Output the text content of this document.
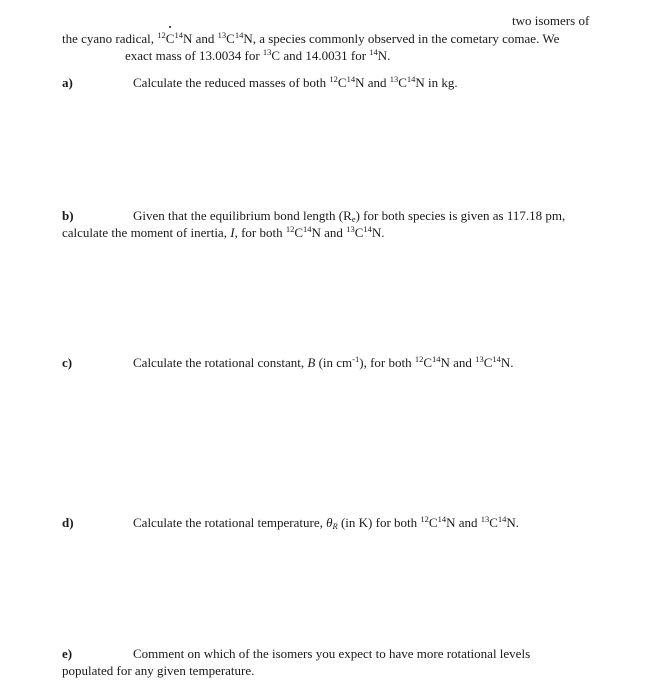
two isomers of
the cyano radical, $^{12}C^{14}N$ and $^{13}C^{14}N$, a species commonly observed in the cometary comae. We
exact mass of 13.0034 for $^{13}$C and 14.0031 for $^{14}$N.
a)	Calculate the reduced masses of both $^{12}C^{14}N$ and $^{13}C^{14}N$ in kg.
b)	Given that the equilibrium bond length $(R_e)$ for both species is given as 117.18 pm,
calculate the moment of inertia, I, for both $^{12}C^{14}N$ and $^{13}C^{14}N$.
c)	Calculate the rotational constant, B (in $cm^{-1}$), for both $^{12}C^{14}N$ and $^{13}C^{14}N$.
d)	Calculate the rotational temperature, $\theta_R$ (in K) for both $^{12}C^{14}N$ and $^{13}C^{14}N$.
e)	Comment on which of the isomers you expect to have more rotational levels
populated for any given temperature.
